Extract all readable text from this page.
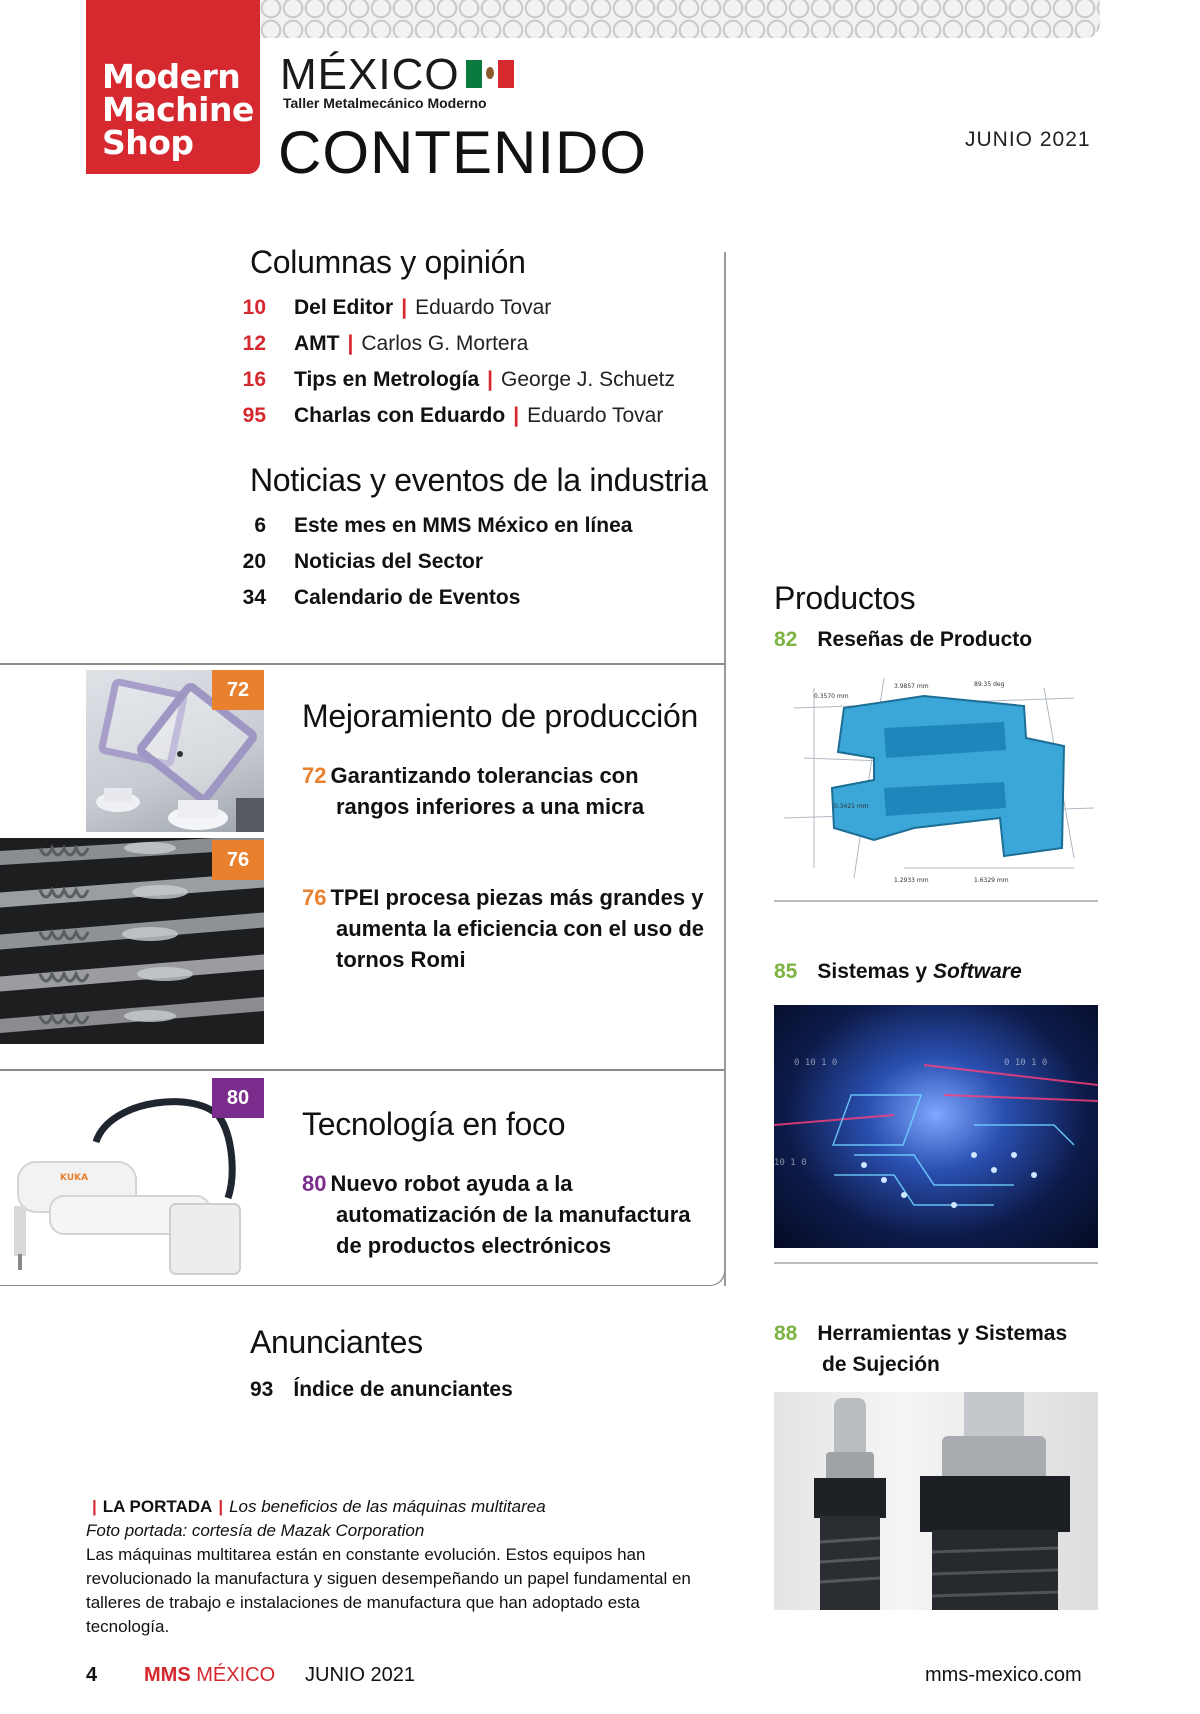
Modern
Machine
Shop
MÉXICO
Taller Metalmecánico Moderno
CONTENIDO	JUNIO 2021
Columnas y opinión
10 Del Editor | Eduardo Tovar
12 AMT | Carlos G. Mortera
16 Tips en Metrología | George J. Schuetz
95 Charlas con Eduardo | Eduardo Tovar
Noticias y eventos de la industria
6 Este mes en MMS México en línea
20 Noticias del Sector
34 Calendario de Eventos
72
76
Mejoramiento de producción
72 Garantizando tolerancias con
rangos inferiores a una micra
76 TPEI procesa piezas más grandes y
aumenta la eficiencia con el uso de
tornos Romi
KUKA
80
Tecnología en foco
80 Nuevo robot ayuda a la
automatización de la manufactura
de productos electrónicos
Anunciantes
93 Índice de anunciantes
Productos
82 Reseñas de Producto
0.3570 mm
3.9857 mm	89.35 deg
0.3421 mm
1.2933 mm	1.6329 mm
85 Sistemas y Software
0 10 1 0	0 10 1 0
10 1 0
88 Herramientas y Sistemas
de Sujeción
| LA PORTADA | Los beneficios de las máquinas multitarea
Foto portada: cortesía de Mazak Corporation
Las máquinas multitarea están en constante evolución. Estos equipos han
revolucionado la manufactura y siguen desempeñando un papel fundamental en
talleres de trabajo e instalaciones de manufactura que han adoptado esta tecnología.
4 MMS MÉXICO JUNIO 2021	mms-mexico.com
